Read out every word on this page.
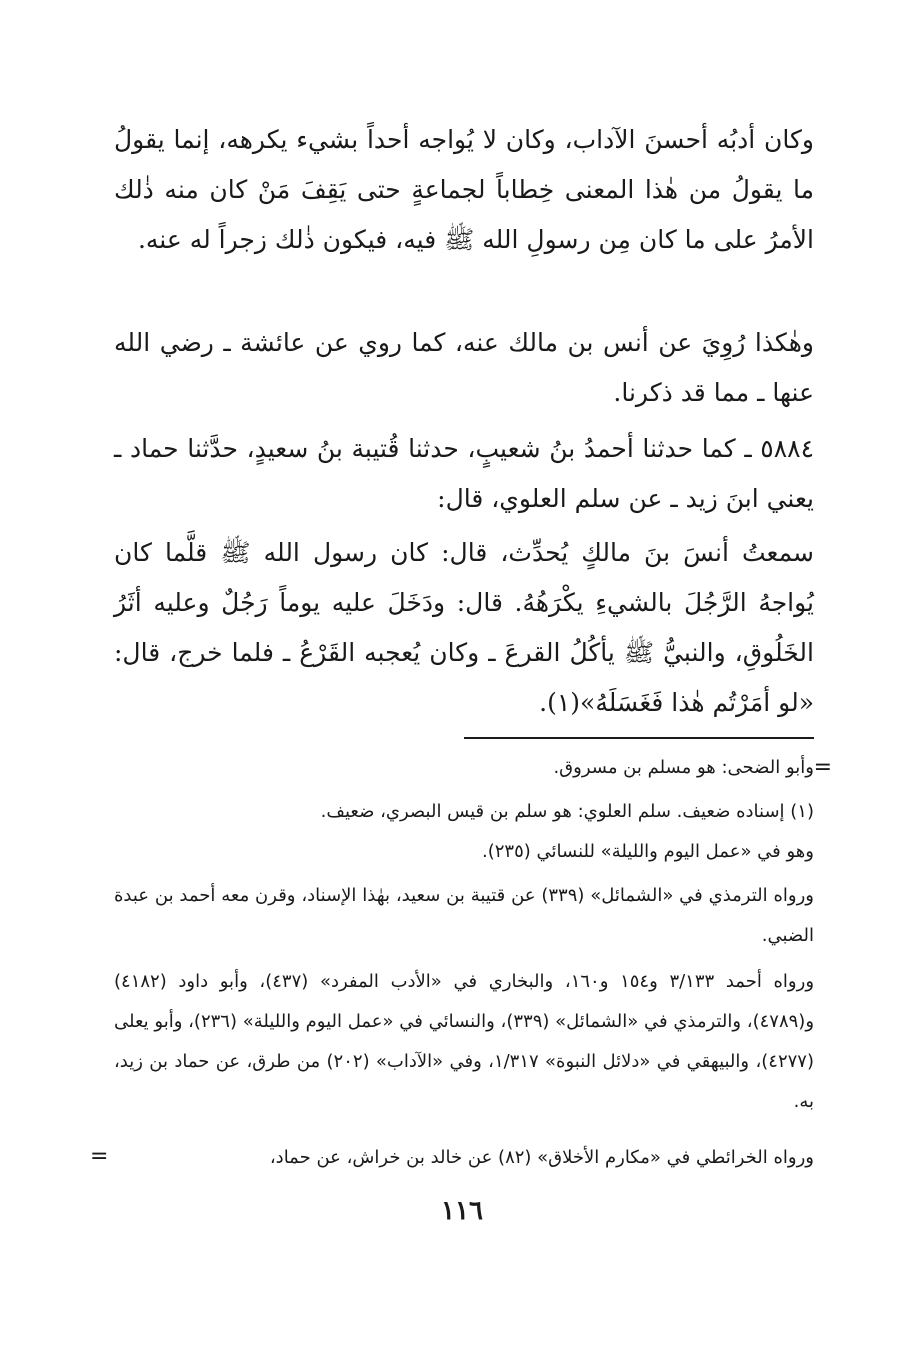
وكان أدبُه أحسنَ الآداب، وكان لا يُواجه أحداً بشيء يكرهه، إنما يقولُ ما يقولُ من هٰذا المعنى خِطاباً لجماعةٍ حتى يَقِفَ مَنْ كان منه ذٰلك الأمرُ على ما كان مِن رسولِ الله ﷺ فيه، فيكون ذٰلك زجراً له عنه.

وهٰكذا رُوِيَ عن أنس بن مالك عنه، كما روي عن عائشة ـ رضي الله عنها ـ مما قد ذكرنا.

٥٨٨٤ ـ كما حدثنا أحمدُ بنُ شعيبٍ، حدثنا قُتيبة بنُ سعيدٍ، حدَّثنا حماد ـ يعني ابنَ زيد ـ عن سلم العلوي، قال:

سمعتُ أنسَ بنَ مالكٍ يُحدِّث، قال: كان رسول الله ﷺ قلَّما كان يُواجهُ الرَّجُلَ بالشيءِ يكْرَهُهُ. قال: ودَخَلَ عليه يوماً رَجُلٌ وعليه أثَرُ الخَلُوقِ، والنبيُّ ﷺ يأكُلُ القرعَ ـ وكان يُعجبه القَرْعُ ـ فلما خرج، قال: «لو أمَرْتُم هٰذا فَغَسَلَهُ»(١).

=

وأبو الضحى: هو مسلم بن مسروق.

(١) إسناده ضعيف. سلم العلوي: هو سلم بن قيس البصري، ضعيف.

وهو في «عمل اليوم والليلة» للنسائي (٢٣٥).

ورواه الترمذي في «الشمائل» (٣٣٩) عن قتيبة بن سعيد، بهٰذا الإسناد، وقرن معه أحمد بن عبدة الضبي.

ورواه أحمد ٣/١٣٣ و١٥٤ و١٦٠، والبخاري في «الأدب المفرد» (٤٣٧)، وأبو داود (٤١٨٢) و(٤٧٨٩)، والترمذي في «الشمائل» (٣٣٩)، والنسائي في «عمل اليوم والليلة» (٢٣٦)، وأبو يعلى (٤٢٧٧)، والبيهقي في «دلائل النبوة» ١/٣١٧، وفي «الآداب» (٢٠٢) من طرق، عن حماد بن زيد، به.

ورواه الخرائطي في «مكارم الأخلاق» (٨٢) عن خالد بن خراش، عن حماد،

=
١١٦
